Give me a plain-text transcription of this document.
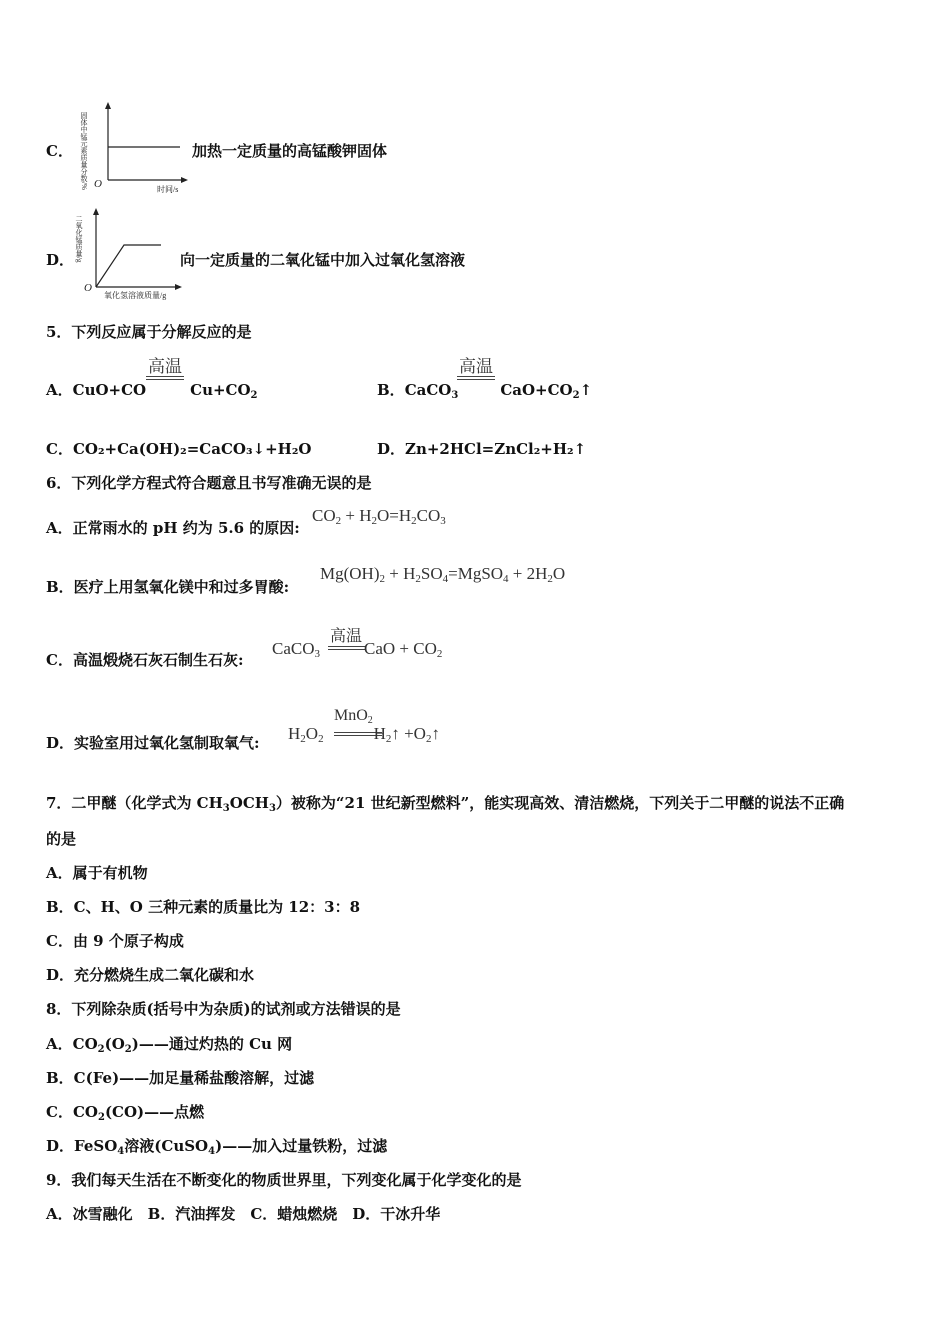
C．
O	时间/s
固体中锰元素质量分数/%	加热一定质量的高锰酸钾固体
D．
O
氧化氢溶液质量/g
二氧化锰质量/g	向一定质量的二氧化锰中加入过氧化氢溶液
5．下列反应属于分解反应的是
高温
A．CuO+CO	$Cu+CO_2$
高温
B．CaCO$_3$	$CaO+CO_2↑$
C．CO₂+Ca(OH)₂=CaCO₃↓+H₂O	D．Zn+2HCl=ZnCl₂+H₂↑
6．下列化学方程式符合题意且书写准确无误的是
A．正常雨水的 pH 约为 5.6 的原因:
$CO_2 + H_2O=H_2CO_3$
B．医疗上用氢氧化镁中和过多胃酸:
$Mg(OH)_2$ + $H_2SO_4=MgSO_4 + 2H_2O$
C．高温煅烧石灰石制生石灰:
高温
CaCO$_3$	CaO + $CO_2$
D．实验室用过氧化氢制取氧气:
MnO$_2$
$H_2O_2$	$H_2↑$ $+O_2↑$
7．二甲醚（化学式为 $CH_3OCH_3$）被称为“21 世纪新型燃料”，能实现高效、清洁燃烧，下列关于二甲醚的说法不正确
的是
A．属于有机物
B．C、H、O 三种元素的质量比为 12：3：8
C．由 9 个原子构成
D．充分燃烧生成二氧化碳和水
8．下列除杂质(括号中为杂质)的试剂或方法错误的是
A．$CO_2(O_2)——$通过灼热的 Cu 网
B．C(Fe)——加足量稀盐酸溶解，过滤
C．$CO_2(CO)——$点燃
D．FeSO$_4$溶液(CuSO$_4$)——加入过量铁粉，过滤
9．我们每天生活在不断变化的物质世界里，下列变化属于化学变化的是
A．冰雪融化　B．汽油挥发　C．蜡烛燃烧　D．干冰升华
